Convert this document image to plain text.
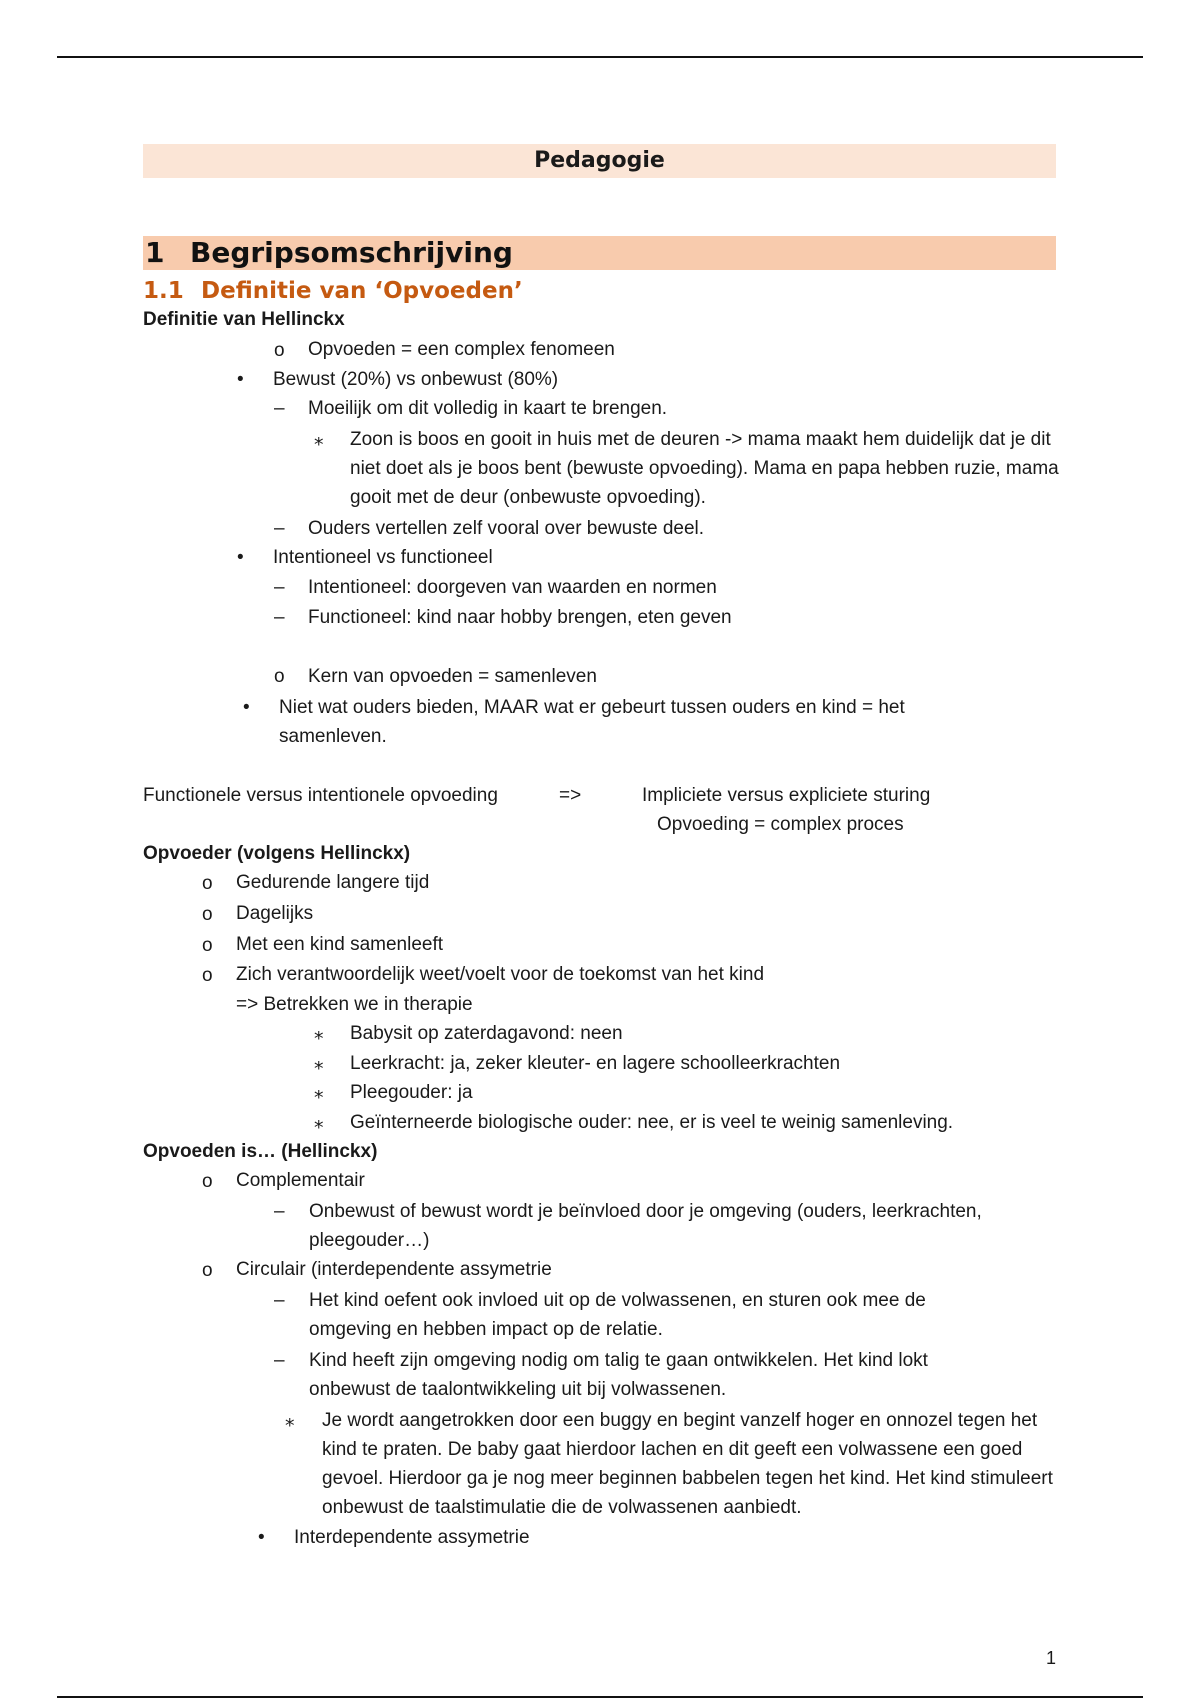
Pedagogie
1 Begripsomschrijving
1.1 Definitie van ‘Opvoeden’
Definitie van Hellinckx
o Opvoeden = een complex fenomeen
• Bewust (20%) vs onbewust (80%)
– Moeilijk om dit volledig in kaart te brengen.
⁎ Zoon is boos en gooit in huis met de deuren -> mama maakt hem duidelijk dat je dit niet doet als je boos bent (bewuste opvoeding). Mama en papa hebben ruzie, mama gooit met de deur (onbewuste opvoeding).
– Ouders vertellen zelf vooral over bewuste deel.
• Intentioneel vs functioneel
– Intentioneel: doorgeven van waarden en normen
– Functioneel: kind naar hobby brengen, eten geven
o Kern van opvoeden = samenleven
• Niet wat ouders bieden, MAAR wat er gebeurt tussen ouders en kind = het samenleven.
Functionele versus intentionele opvoeding	=>	Impliciete versus expliciete sturing
Opvoeding = complex proces
Opvoeder (volgens Hellinckx)
o Gedurende langere tijd
o Dagelijks
o Met een kind samenleeft
o Zich verantwoordelijk weet/voelt voor de toekomst van het kind
=> Betrekken we in therapie
⁎ Babysit op zaterdagavond: neen
⁎ Leerkracht: ja, zeker kleuter- en lagere schoolleerkrachten
⁎ Pleegouder: ja
⁎ Geïnterneerde biologische ouder: nee, er is veel te weinig samenleving.
Opvoeden is… (Hellinckx)
o Complementair
– Onbewust of bewust wordt je beïnvloed door je omgeving (ouders, leerkrachten, pleegouder…)
o Circulair (interdependente assymetrie
– Het kind oefent ook invloed uit op de volwassenen, en sturen ook mee de omgeving en hebben impact op de relatie.
– Kind heeft zijn omgeving nodig om talig te gaan ontwikkelen. Het kind lokt onbewust de taalontwikkeling uit bij volwassenen.
⁎ Je wordt aangetrokken door een buggy en begint vanzelf hoger en onnozel tegen het kind te praten. De baby gaat hierdoor lachen en dit geeft een volwassene een goed gevoel. Hierdoor ga je nog meer beginnen babbelen tegen het kind. Het kind stimuleert onbewust de taalstimulatie die de volwassenen aanbiedt.
• Interdependente assymetrie
1
